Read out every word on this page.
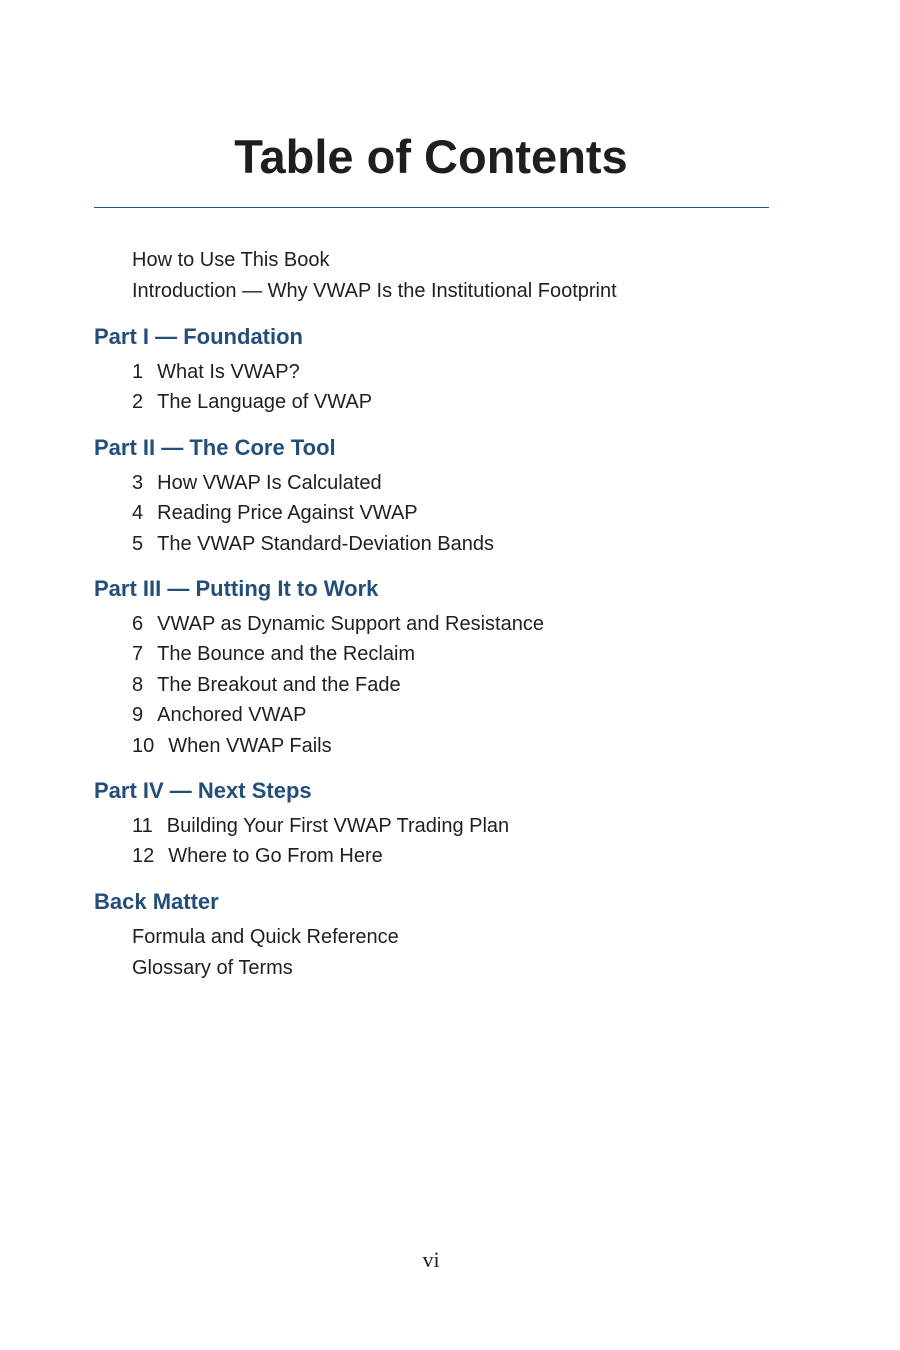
Table of Contents
How to Use This Book
Introduction — Why VWAP Is the Institutional Footprint
Part I — Foundation
1 What Is VWAP?
2 The Language of VWAP
Part II — The Core Tool
3 How VWAP Is Calculated
4 Reading Price Against VWAP
5 The VWAP Standard-Deviation Bands
Part III — Putting It to Work
6 VWAP as Dynamic Support and Resistance
7 The Bounce and the Reclaim
8 The Breakout and the Fade
9 Anchored VWAP
10 When VWAP Fails
Part IV — Next Steps
11 Building Your First VWAP Trading Plan
12 Where to Go From Here
Back Matter
Formula and Quick Reference
Glossary of Terms
vi
